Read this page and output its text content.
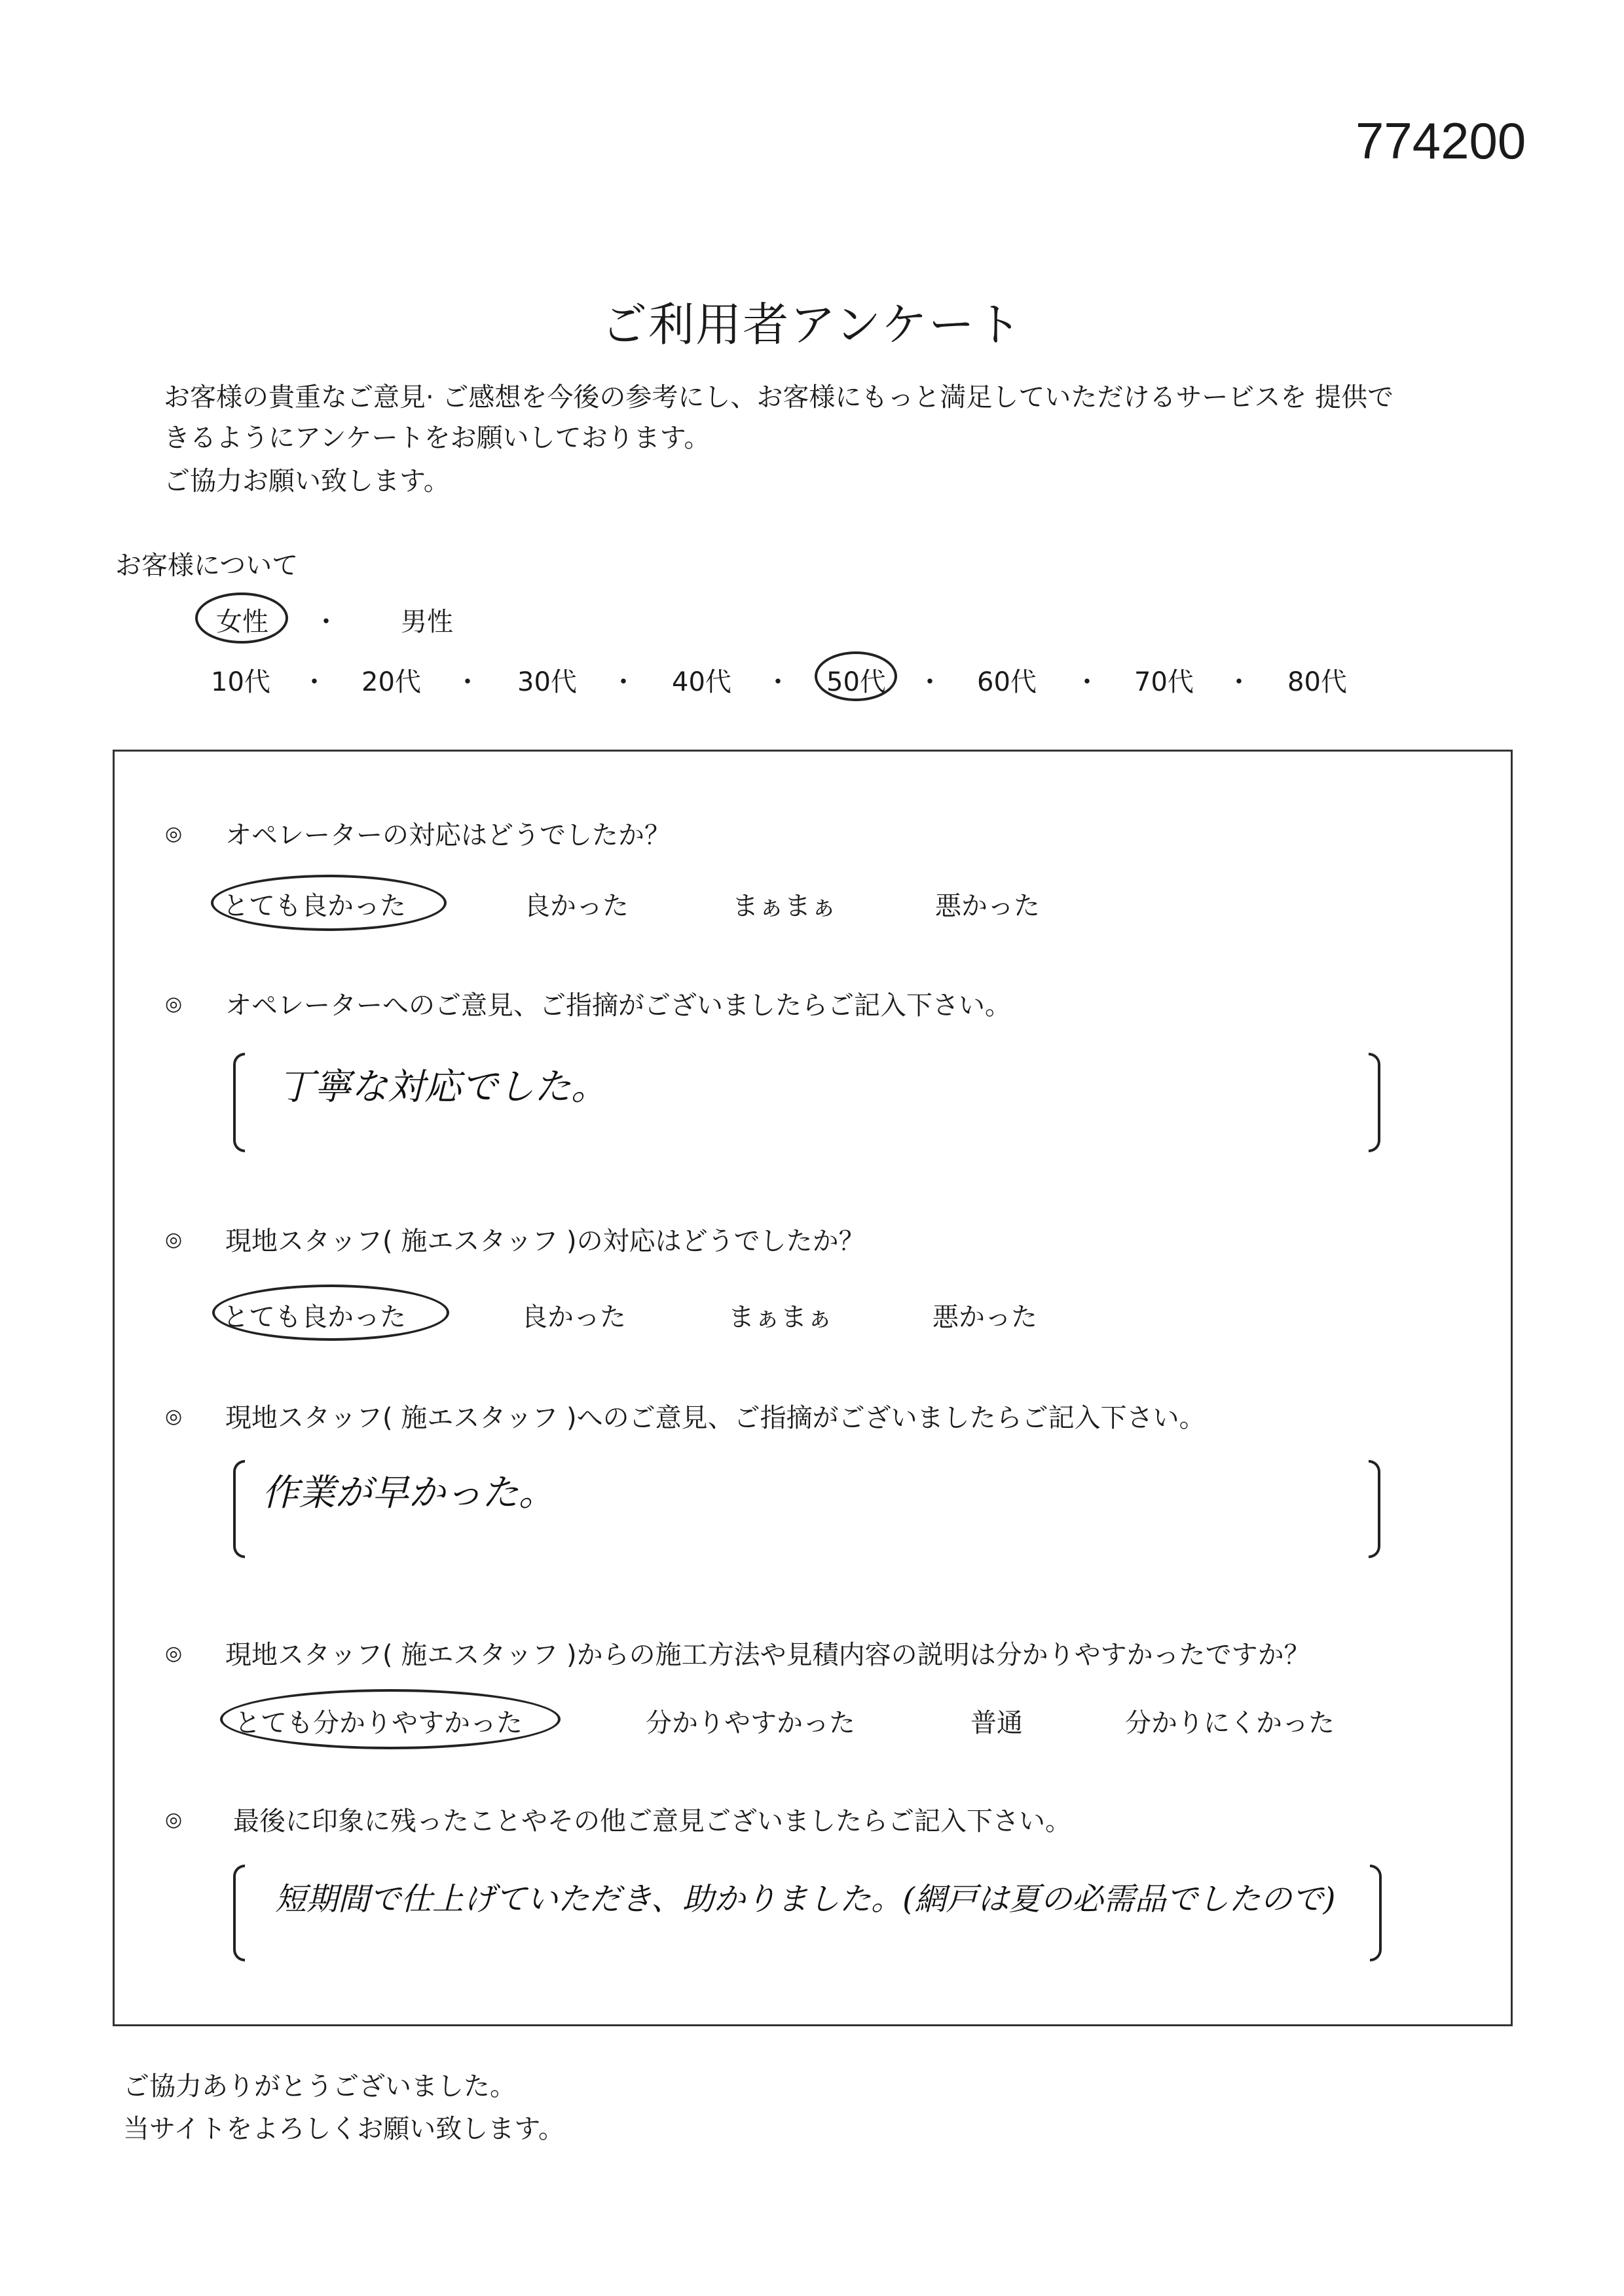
774200
ご利用者アンケート
お客様の貴重なご意見· ご感想を今後の参考にし、お客様にもっと満足していただけるサービスを 提供で
きるようにアンケートをお願いしております。
ご協力お願い致します。
お客様について
女性 ・ 男性
10代 ・ 20代 ・ 30代 ・ 40代 ・ 50代 ・ 60代 ・ 70代 ・ 80代
◎ オペレーターの対応はどうでしたか？
とても良かった	良かった	まぁまぁ	悪かった
◎ オペレーターへのご意見、ご指摘がございましたらご記入下さい。
丁寧な対応でした。
◎ 現地スタッフ( 施エスタッフ )の対応はどうでしたか？
とても良かった	良かった	まぁまぁ	悪かった
◎ 現地スタッフ( 施エスタッフ )へのご意見、ご指摘がございましたらご記入下さい。
作業が早かった。
◎ 現地スタッフ( 施エスタッフ )からの施工方法や見積内容の説明は分かりやすかったですか？
とても分かりやすかった	分かりやすかった	普通	分かりにくかった
◎ 最後に印象に残ったことやその他ご意見ございましたらご記入下さい。
短期間で仕上げていただき、助かりました。(網戸は夏の必需品でしたので)
ご協力ありがとうございました。
当サイトをよろしくお願い致します。
